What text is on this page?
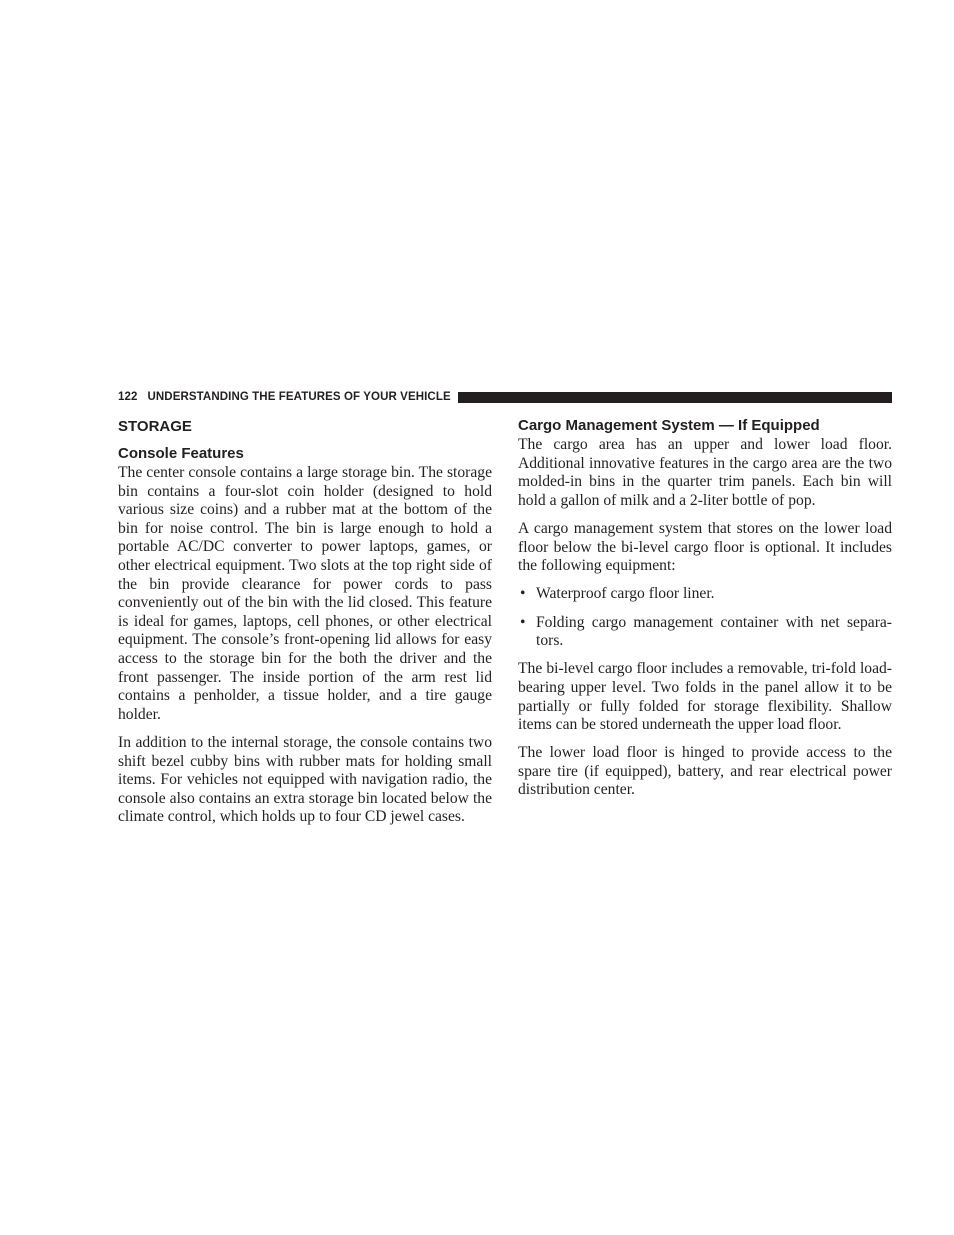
122 UNDERSTANDING THE FEATURES OF YOUR VEHICLE
STORAGE
Console Features

The center console contains a large storage bin. The storage bin contains a four-slot coin holder (designed to hold various size coins) and a rubber mat at the bottom of the bin for noise control. The bin is large enough to hold a portable AC/DC converter to power laptops, games, or other electrical equipment. Two slots at the top right side of the bin provide clearance for power cords to pass conveniently out of the bin with the lid closed. This feature is ideal for games, laptops, cell phones, or other electrical equipment. The console’s front-opening lid allows for easy access to the storage bin for the both the driver and the front passenger. The inside portion of the arm rest lid contains a penholder, a tissue holder, and a tire gauge holder.

In addition to the internal storage, the console contains two shift bezel cubby bins with rubber mats for holding small items. For vehicles not equipped with navigation radio, the console also contains an extra storage bin located below the climate control, which holds up to four CD jewel cases.

Cargo Management System — If Equipped

The cargo area has an upper and lower load floor. Additional innovative features in the cargo area are the two molded-in bins in the quarter trim panels. Each bin will hold a gallon of milk and a 2-liter bottle of pop.

A cargo management system that stores on the lower load floor below the bi-level cargo floor is optional. It includes the following equipment:

• Waterproof cargo floor liner.
• Folding cargo management container with net separa-tors.

The bi-level cargo floor includes a removable, tri-fold load-bearing upper level. Two folds in the panel allow it to be partially or fully folded for storage flexibility. Shallow items can be stored underneath the upper load floor.

The lower load floor is hinged to provide access to the spare tire (if equipped), battery, and rear electrical power distribution center.
